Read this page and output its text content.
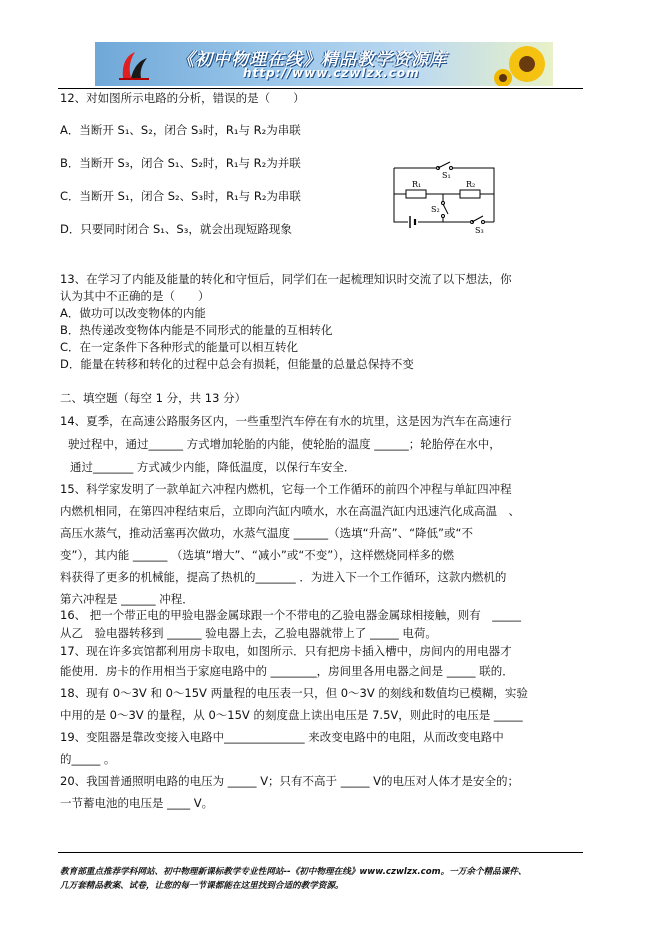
《初中物理在线》精品教学资源库
http://www.czwlzx.com
12、对如图所示电路的分析，错误的是（　　）
A．当断开 S₁、S₂，闭合 S₃时，R₁与 R₂为串联
B．当断开 S₃，闭合 S₁、S₂时，R₁与 R₂为并联
C．当断开 S₁，闭合 S₂、S₃时，R₁与 R₂为串联
D．只要同时闭合 S₁、S₃，就会出现短路现象
S₁
R₁	R₂
S₂
S₃
13、在学习了内能及能量的转化和守恒后，同学们在一起梳理知识时交流了以下想法，你
认为其中不正确的是（　　）
A．做功可以改变物体的内能
B．热传递改变物体内能是不同形式的能量的互相转化
C．在一定条件下各种形式的能量可以相互转化
D．能量在转移和转化的过程中总会有损耗，但能量的总量总保持不变
二、填空题（每空 1 分，共 13 分）
14、夏季，在高速公路服务区内，一些重型汽车停在有水的坑里，这是因为汽车在高速行
驶过程中，通过______ 方式增加轮胎的内能，使轮胎的温度 ______；轮胎停在水中，
通过_______ 方式减少内能，降低温度，以保行车安全．
15、科学家发明了一款单缸六冲程内燃机，它每一个工作循环的前四个冲程与单缸四冲程
内燃机相同，在第四冲程结束后，立即向汽缸内喷水，水在高温汽缸内迅速汽化成高温　、
高压水蒸气，推动活塞再次做功，水蒸气温度 ______（选填“升高”、“降低”或“不
变”），其内能 ______ （选填“增大”、“减小”或“不变”），这样燃烧同样多的燃
料获得了更多的机械能，提高了热机的_______ ．为进入下一个工作循环，这款内燃机的
第六冲程是 ______ 冲程．
16、 把一个带正电的甲验电器金属球跟一个不带电的乙验电器金属球相接触，则有　_____
从乙　验电器转移到 ______ 验电器上去，乙验电器就带上了 _____ 电荷。
17、现在许多宾馆都利用房卡取电，如图所示．只有把房卡插入槽中，房间内的用电器才
能使用．房卡的作用相当于家庭电路中的 ________，房间里各用电器之间是 _____ 联的．
18、现有 0～3V 和 0～15V 两量程的电压表一只，但 0～3V 的刻线和数值均已模糊，实验
中用的是 0～3V 的量程，从 0～15V 的刻度盘上读出电压是 7.5V，则此时的电压是 _____
19、变阻器是靠改变接入电路中______________ 来改变电路中的电阻，从而改变电路中
的_____ 。
20、我国普通照明电路的电压为 _____ V；只有不高于 _____ V的电压对人体才是安全的；
一节蓄电池的电压是 ____ V。
教育部重点推荐学科网站、初中物理新课标教学专业性网站--《初中物理在线》www.czwlzx.com。一万余个精品课件、
几万套精品教案、试卷，让您的每一节课都能在这里找到合适的教学资源。
